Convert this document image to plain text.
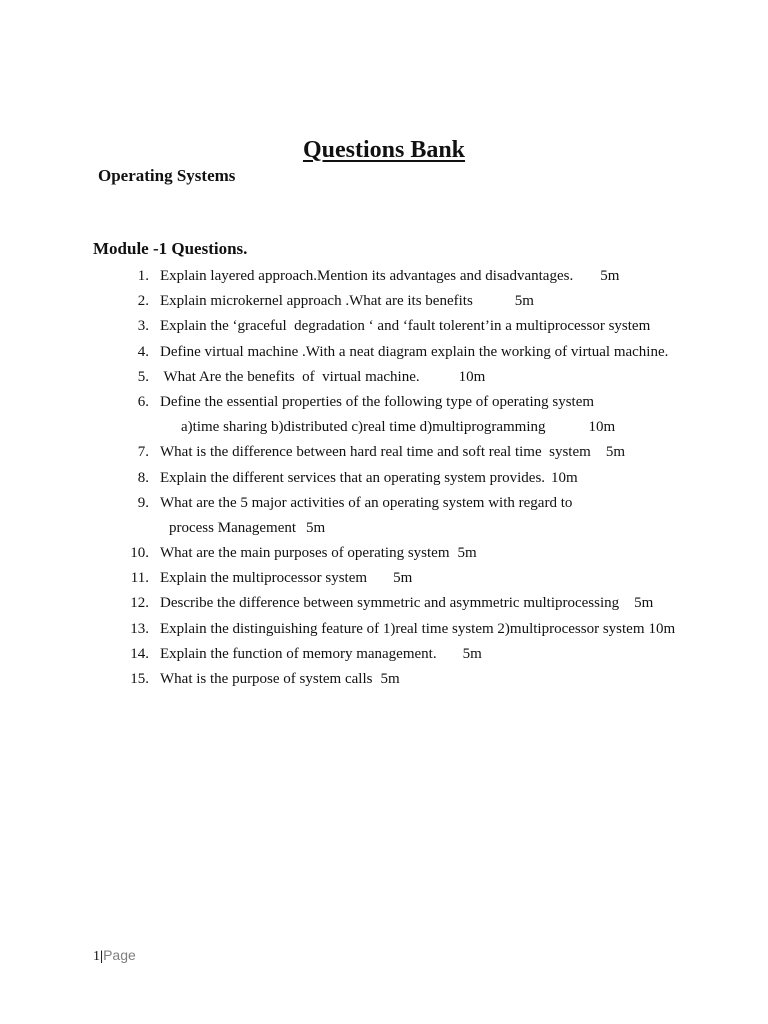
Questions Bank
Operating Systems
Module -1 Questions.
1. Explain layered approach.Mention its advantages and disadvantages. 5m
2. Explain microkernel approach .What are its benefits	5m
3. Explain the ‘graceful  degradation ‘ and ‘fault tolerent’in a multiprocessor system
4. Define virtual machine .With a neat diagram explain the working of virtual machine.
5. What Are the benefits  of  virtual machine.	10m
6. Define the essential properties of the following type of operating system
a)time sharing b)distributed c)real time d)multiprogramming	10m
7. What is the difference between hard real time and soft real time  system 5m
8. Explain the different services that an operating system provides. 10m
9. What are the 5 major activities of an operating system with regard to
process Management 5m
10. What are the main purposes of operating system 5m
11. Explain the multiprocessor system 5m
12. Describe the difference between symmetric and asymmetric multiprocessing 5m
13. Explain the distinguishing feature of 1)real time system 2)multiprocessor system 10m
14. Explain the function of memory management. 5m
15. What is the purpose of system calls 5m
1|Page
